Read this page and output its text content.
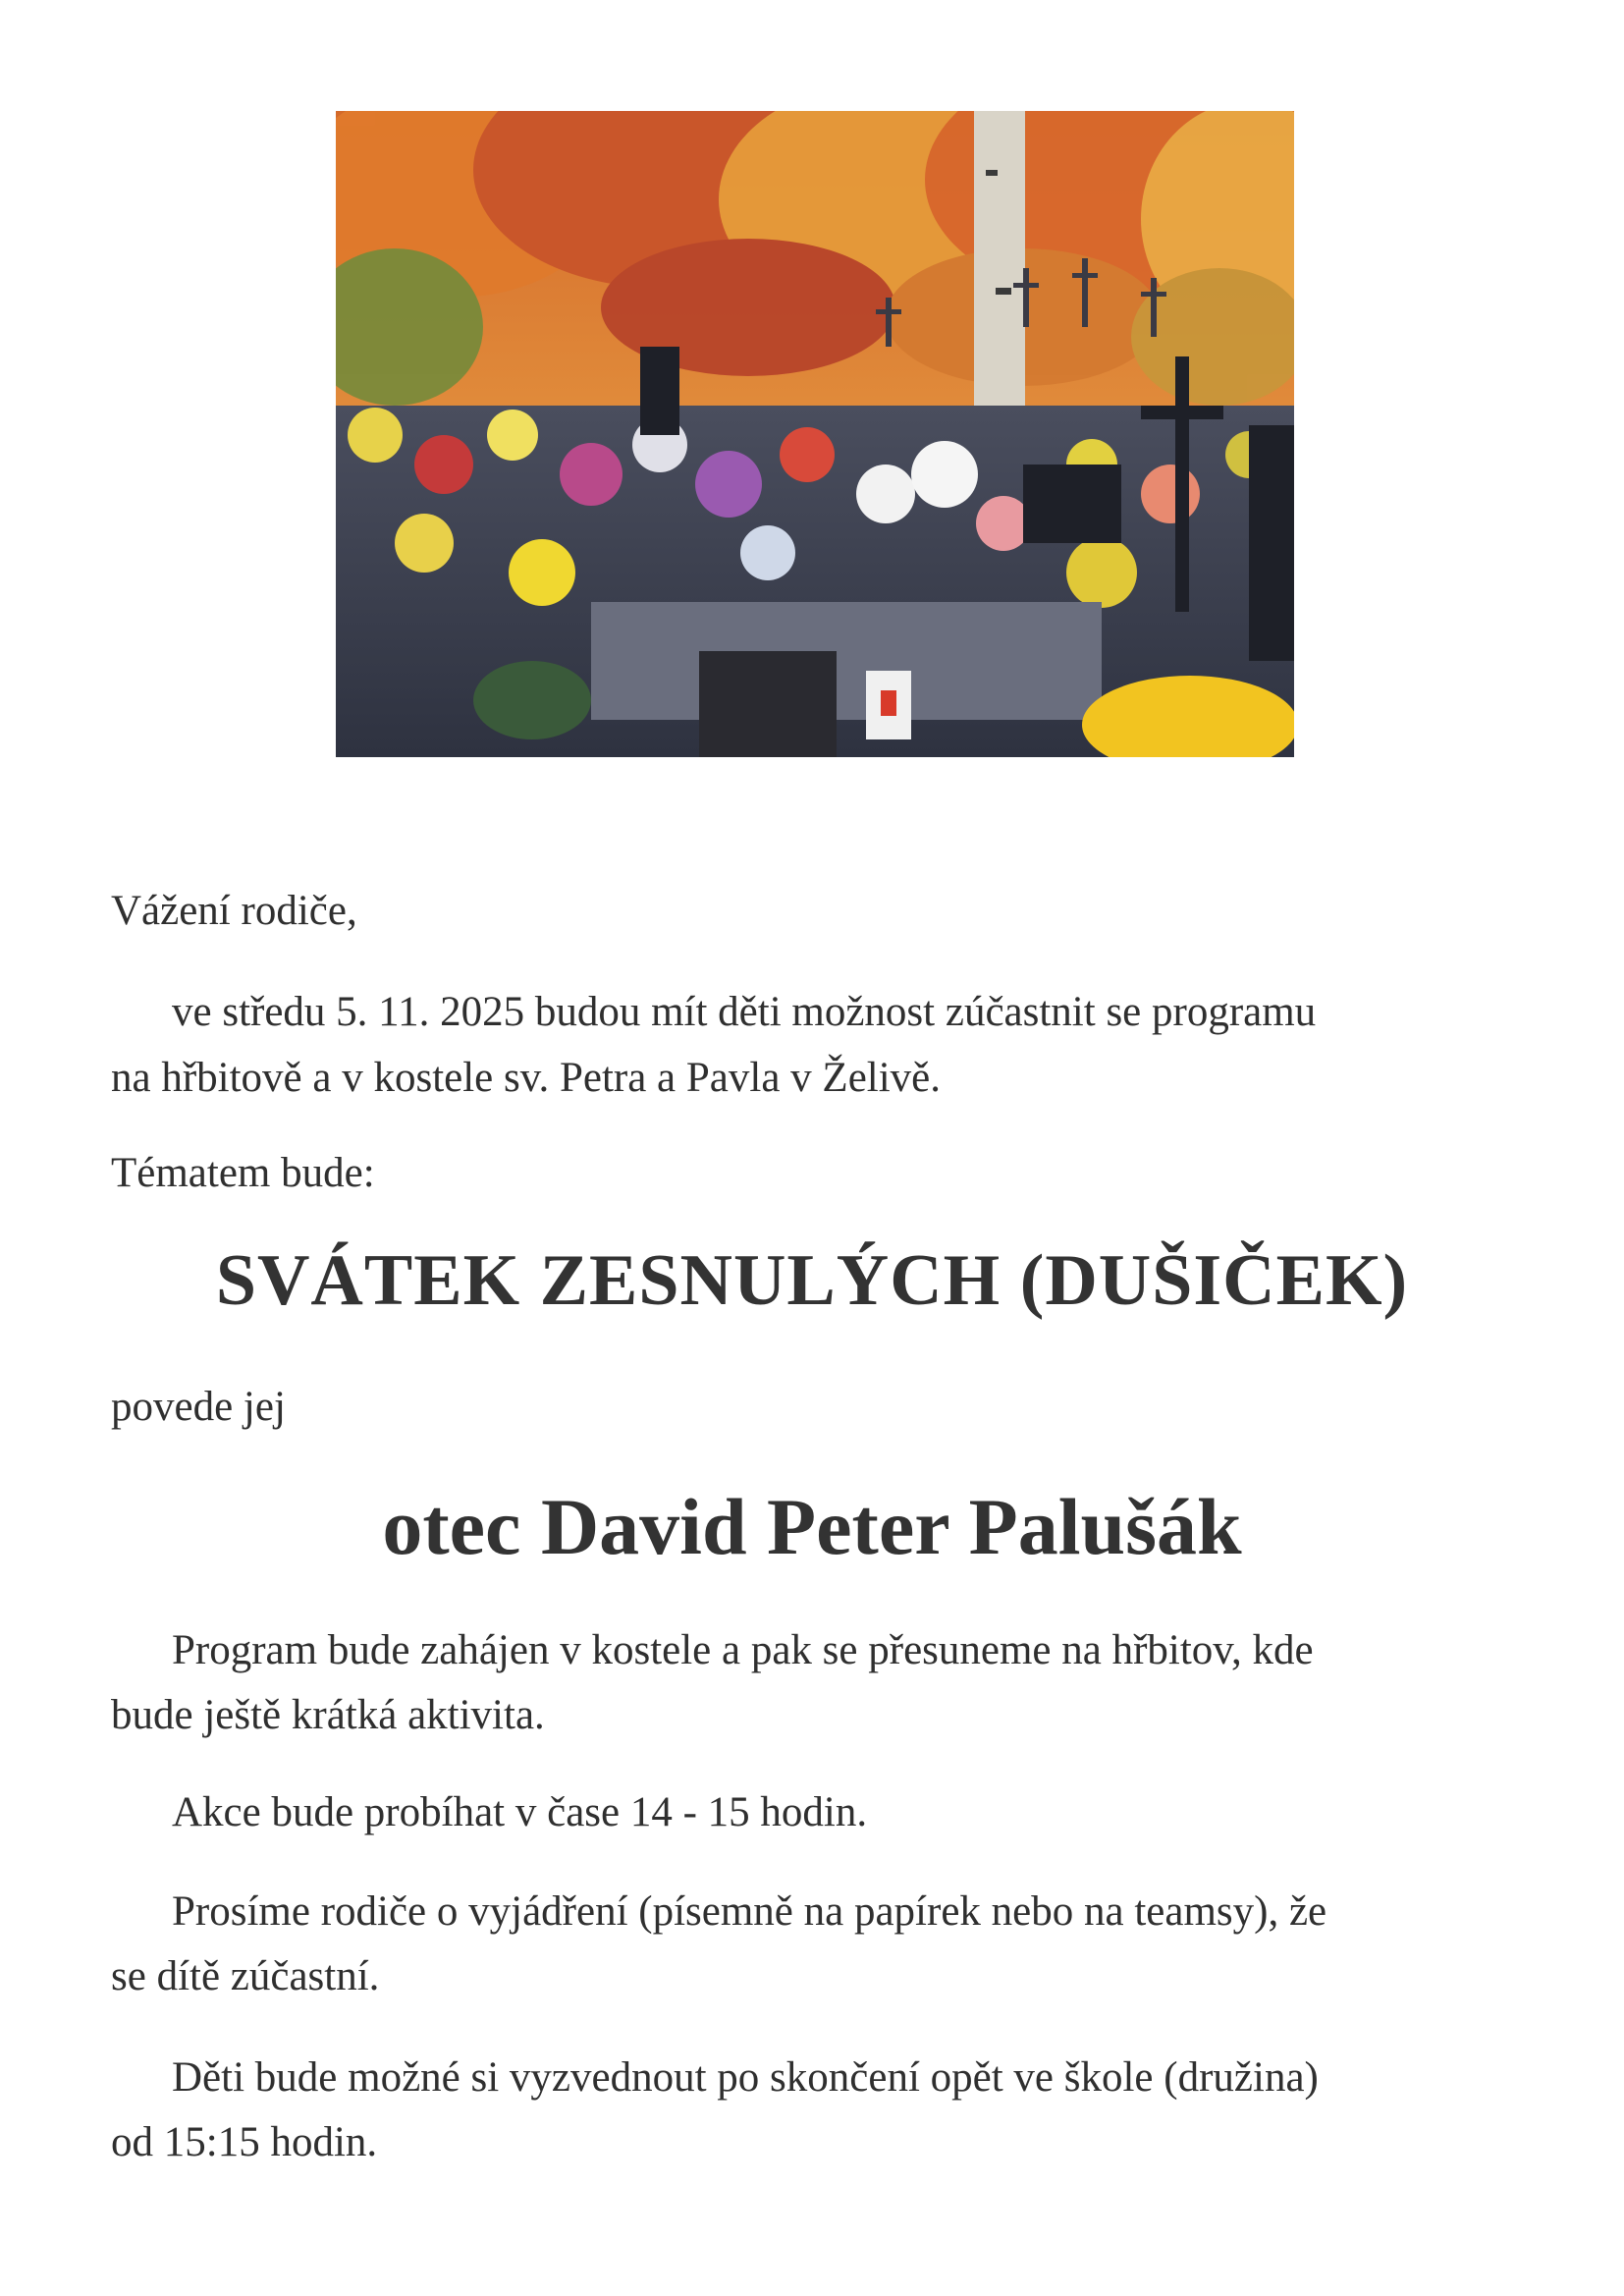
Vážení rodiče,

ve středu 5. 11. 2025 budou mít děti možnost zúčastnit se programu

na hřbitově a v kostele sv. Petra a Pavla v Želivě.

Tématem bude:

SVÁTEK ZESNULÝCH (DUŠIČEK)

povede jej

otec David Peter Palušák

Program bude zahájen v kostele a pak se přesuneme na hřbitov, kde

bude ještě krátká aktivita.

Akce bude probíhat v čase 14 - 15 hodin.

Prosíme rodiče o vyjádření (písemně na papírek nebo na teamsy), že

se dítě zúčastní.

Děti bude možné si vyzvednout po skončení opět ve škole (družina)

od 15:15 hodin.
